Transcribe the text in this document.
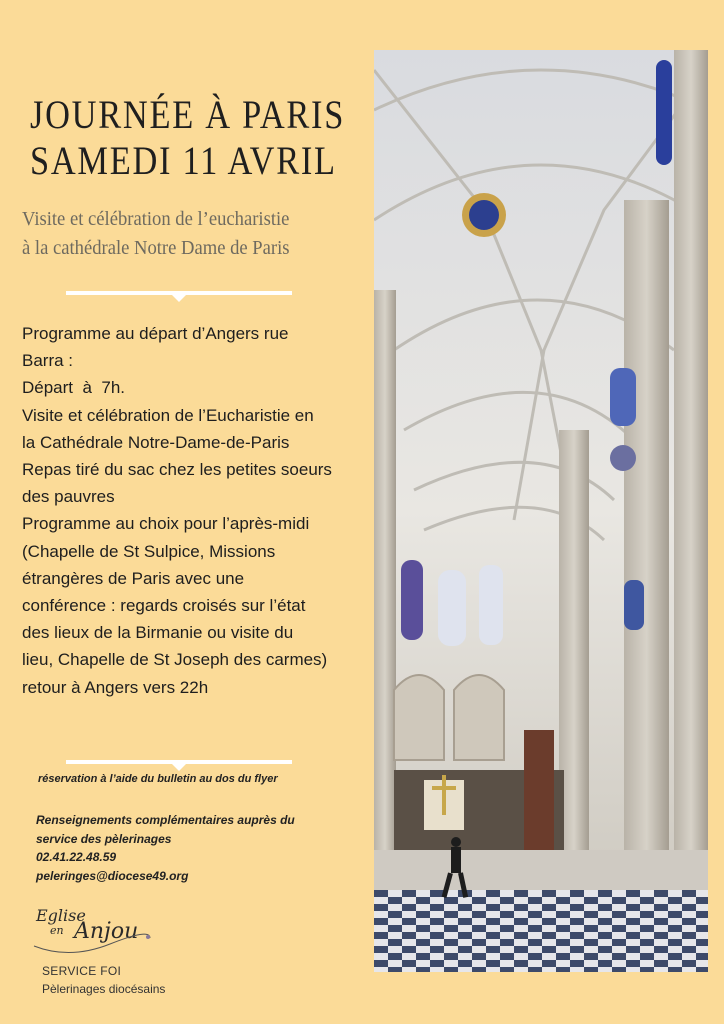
JOURNÉE À PARIS
SAMEDI 11 AVRIL
Visite et célébration de l’eucharistie
à la cathédrale Notre Dame de Paris
Programme au départ d’Angers rue
Barra :
Départ  à  7h.
Visite et célébration de l’Eucharistie en
la Cathédrale Notre-Dame-de-Paris
Repas tiré du sac chez les petites soeurs
des pauvres
Programme au choix pour l’après-midi
(Chapelle de St Sulpice, Missions
étrangères de Paris avec une
conférence : regards croisés sur l’état
des lieux de la Birmanie ou visite du
lieu, Chapelle de St Joseph des carmes)
retour à Angers vers 22h
réservation à l’aide du bulletin au dos du flyer
Renseignements complémentaires auprès du
service des pèlerinages
02.41.22.48.59
peleringes@diocese49.org
Eglise
en Anjou
SERVICE FOI
Pèlerinages diocésains
